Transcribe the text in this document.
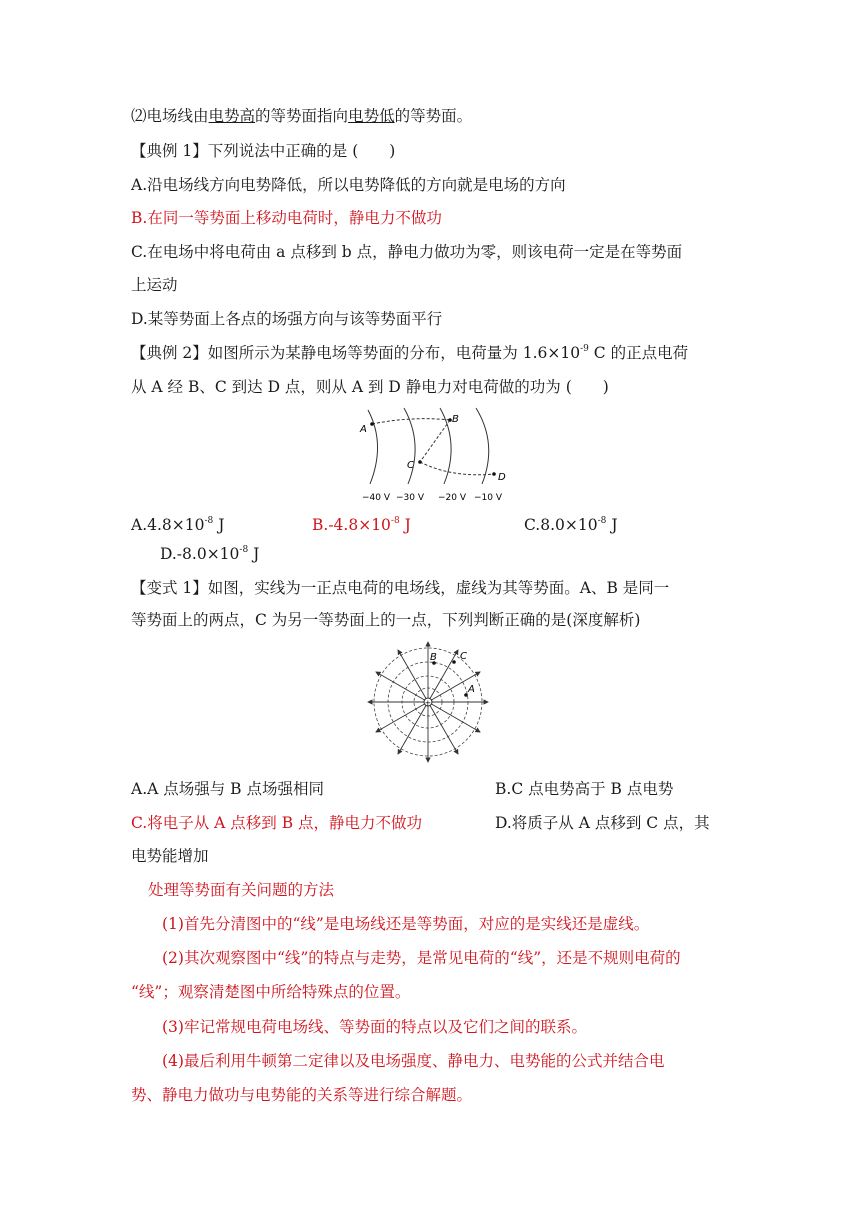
⑵电场线由电势高的等势面指向电势低的等势面。
【典例 1】下列说法中正确的是 (　　)
A.沿电场线方向电势降低，所以电势降低的方向就是电场的方向
B.在同一等势面上移动电荷时，静电力不做功
C.在电场中将电荷由 a 点移到 b 点，静电力做功为零，则该电荷一定是在等势面
上运动
D.某等势面上各点的场强方向与该等势面平行
【典例 2】如图所示为某静电场等势面的分布，电荷量为 $1.6\times 10^{-9}$ C 的正点电荷
从 A 经 B、C 到达 D 点，则从 A 到 D 静电力对电荷做的功为 (　　)
A
B
C
D
−40 V −30 V −20 V −10 V
$A.4.8\times 10^{-8}$ J	$B.-4.8\times 10^{-8}$ J	$C.8.0\times 10^{-8}$ J
$D.-8.0\times 10^{-8}$ J
【变式 1】如图，实线为一正点电荷的电场线，虚线为其等势面。A、B 是同一
等势面上的两点，C 为另一等势面上的一点，下列判断正确的是(深度解析)
+
A
B C
A.A 点场强与 B 点场强相同	B.C 点电势高于 B 点电势
C.将电子从 A 点移到 B 点，静电力不做功	D.将质子从 A 点移到 C 点，其
电势能增加
处理等势面有关问题的方法
(1)首先分清图中的“线”是电场线还是等势面，对应的是实线还是虚线。
(2)其次观察图中“线”的特点与走势，是常见电荷的“线”，还是不规则电荷的
“线”；观察清楚图中所给特殊点的位置。
(3)牢记常规电荷电场线、等势面的特点以及它们之间的联系。
(4)最后利用牛顿第二定律以及电场强度、静电力、电势能的公式并结合电
势、静电力做功与电势能的关系等进行综合解题。
